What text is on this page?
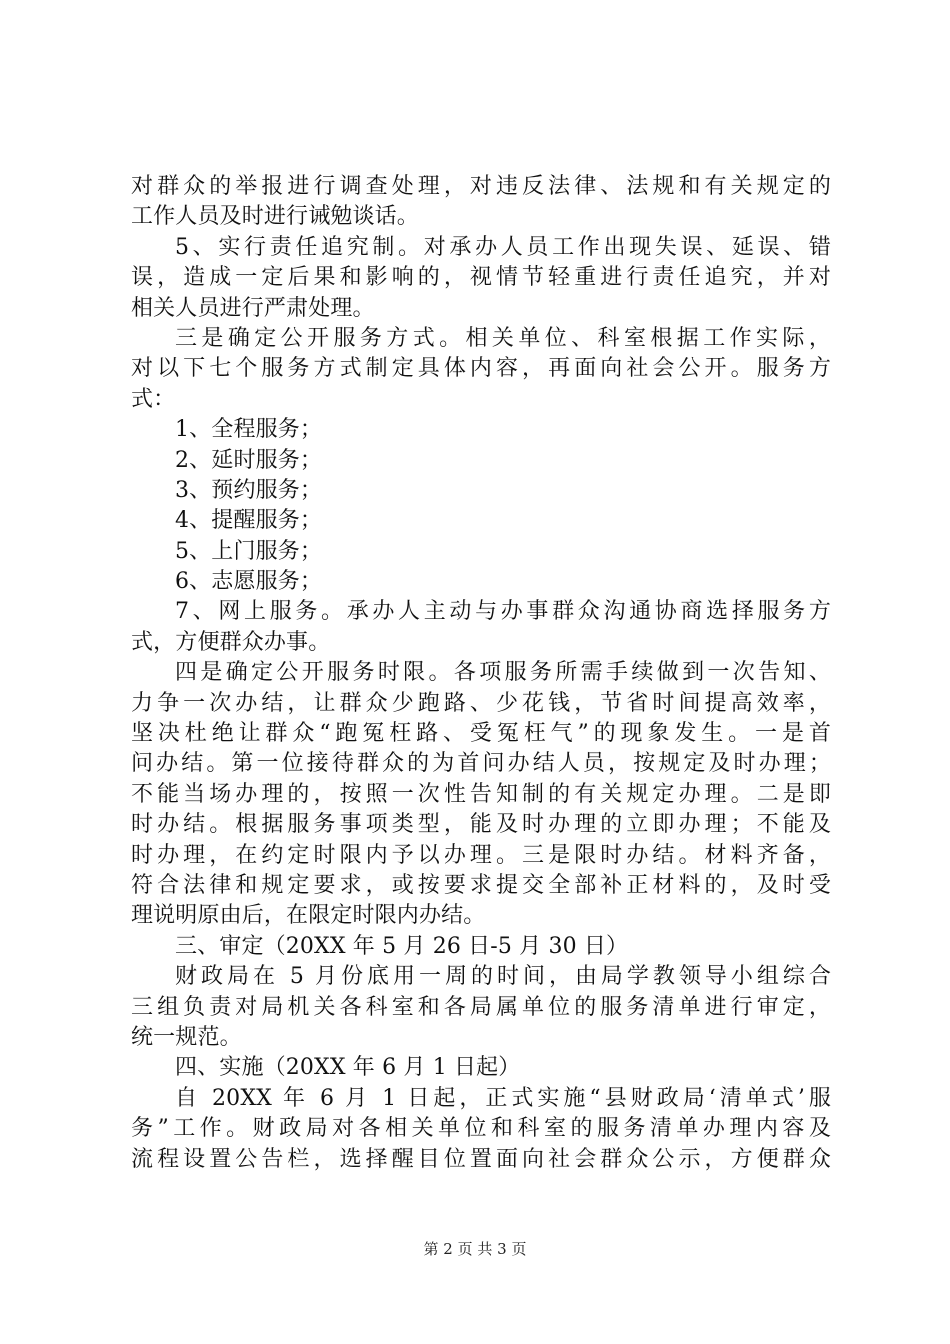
对群众的举报进行调查处理，对违反法律、法规和有关规定的
工作人员及时进行诫勉谈话。
5、实行责任追究制。对承办人员工作出现失误、延误、错
误，造成一定后果和影响的，视情节轻重进行责任追究，并对
相关人员进行严肃处理。
三是确定公开服务方式。相关单位、科室根据工作实际，
对以下七个服务方式制定具体内容，再面向社会公开。服务方
式：
1、全程服务；
2、延时服务；
3、预约服务；
4、提醒服务；
5、上门服务；
6、志愿服务；
7、网上服务。承办人主动与办事群众沟通协商选择服务方
式，方便群众办事。
四是确定公开服务时限。各项服务所需手续做到一次告知、
力争一次办结，让群众少跑路、少花钱，节省时间提高效率，
坚决杜绝让群众“跑冤枉路、受冤枉气”的现象发生。一是首
问办结。第一位接待群众的为首问办结人员，按规定及时办理；
不能当场办理的，按照一次性告知制的有关规定办理。二是即
时办结。根据服务事项类型，能及时办理的立即办理；不能及
时办理，在约定时限内予以办理。三是限时办结。材料齐备，
符合法律和规定要求，或按要求提交全部补正材料的，及时受
理说明原由后，在限定时限内办结。
三、审定（20XX 年 5 月 26 日-5 月 30 日）
财政局在 5 月份底用一周的时间，由局学教领导小组综合
三组负责对局机关各科室和各局属单位的服务清单进行审定，
统一规范。
四、实施（20XX 年 6 月 1 日起）
自 20XX 年 6 月 1 日起，正式实施“县财政局‘清单式’服
务”工作。财政局对各相关单位和科室的服务清单办理内容及
流程设置公告栏，选择醒目位置面向社会群众公示，方便群众
第 2 页 共 3 页
